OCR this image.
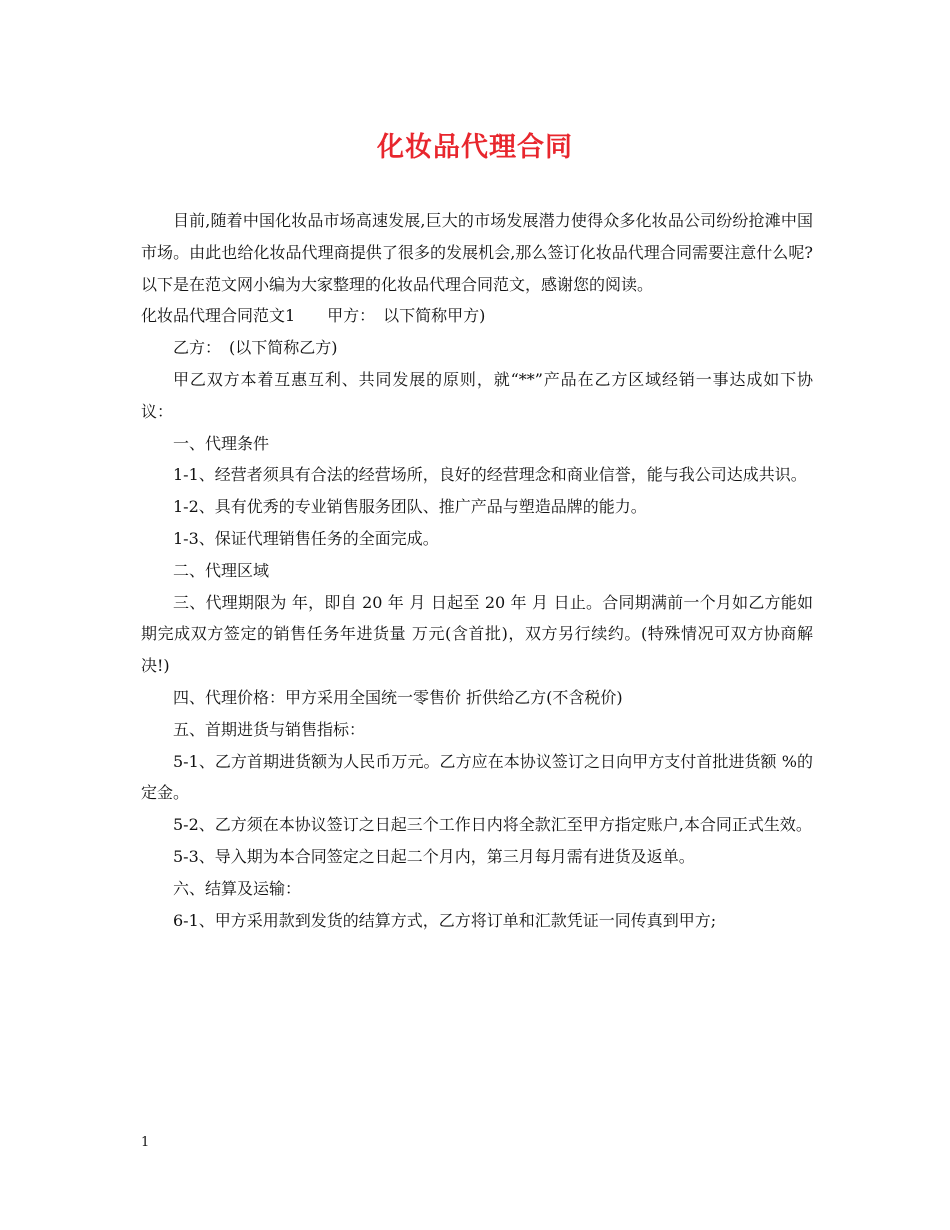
化妆品代理合同

目前,随着中国化妆品市场高速发展,巨大的市场发展潜力使得众多化妆品公司纷纷抢滩中国市场。由此也给化妆品代理商提供了很多的发展机会,那么签订化妆品代理合同需要注意什么呢?以下是在范文网小编为大家整理的化妆品代理合同范文，感谢您的阅读。

化妆品代理合同范文1　　甲方：　以下简称甲方)

乙方：　(以下简称乙方)

甲乙双方本着互惠互利、共同发展的原则，就“**”产品在乙方区域经销一事达成如下协议：

一、代理条件

1-1、经营者须具有合法的经营场所，良好的经营理念和商业信誉，能与我公司达成共识。

1-2、具有优秀的专业销售服务团队、推广产品与塑造品牌的能力。

1-3、保证代理销售任务的全面完成。

二、代理区域

三、代理期限为 年，即自 20 年 月 日起至 20 年 月 日止。合同期满前一个月如乙方能如期完成双方签定的销售任务年进货量 万元(含首批)，双方另行续约。(特殊情况可双方协商解决!)

四、代理价格：甲方采用全国统一零售价 折供给乙方(不含税价)

五、首期进货与销售指标：

5-1、乙方首期进货额为人民币万元。乙方应在本协议签订之日向甲方支付首批进货额 %的定金。

5-2、乙方须在本协议签订之日起三个工作日内将全款汇至甲方指定账户,本合同正式生效。

5-3、导入期为本合同签定之日起二个月内，第三月每月需有进货及返单。

六、结算及运输：

6-1、甲方采用款到发货的结算方式，乙方将订单和汇款凭证一同传真到甲方;

1
